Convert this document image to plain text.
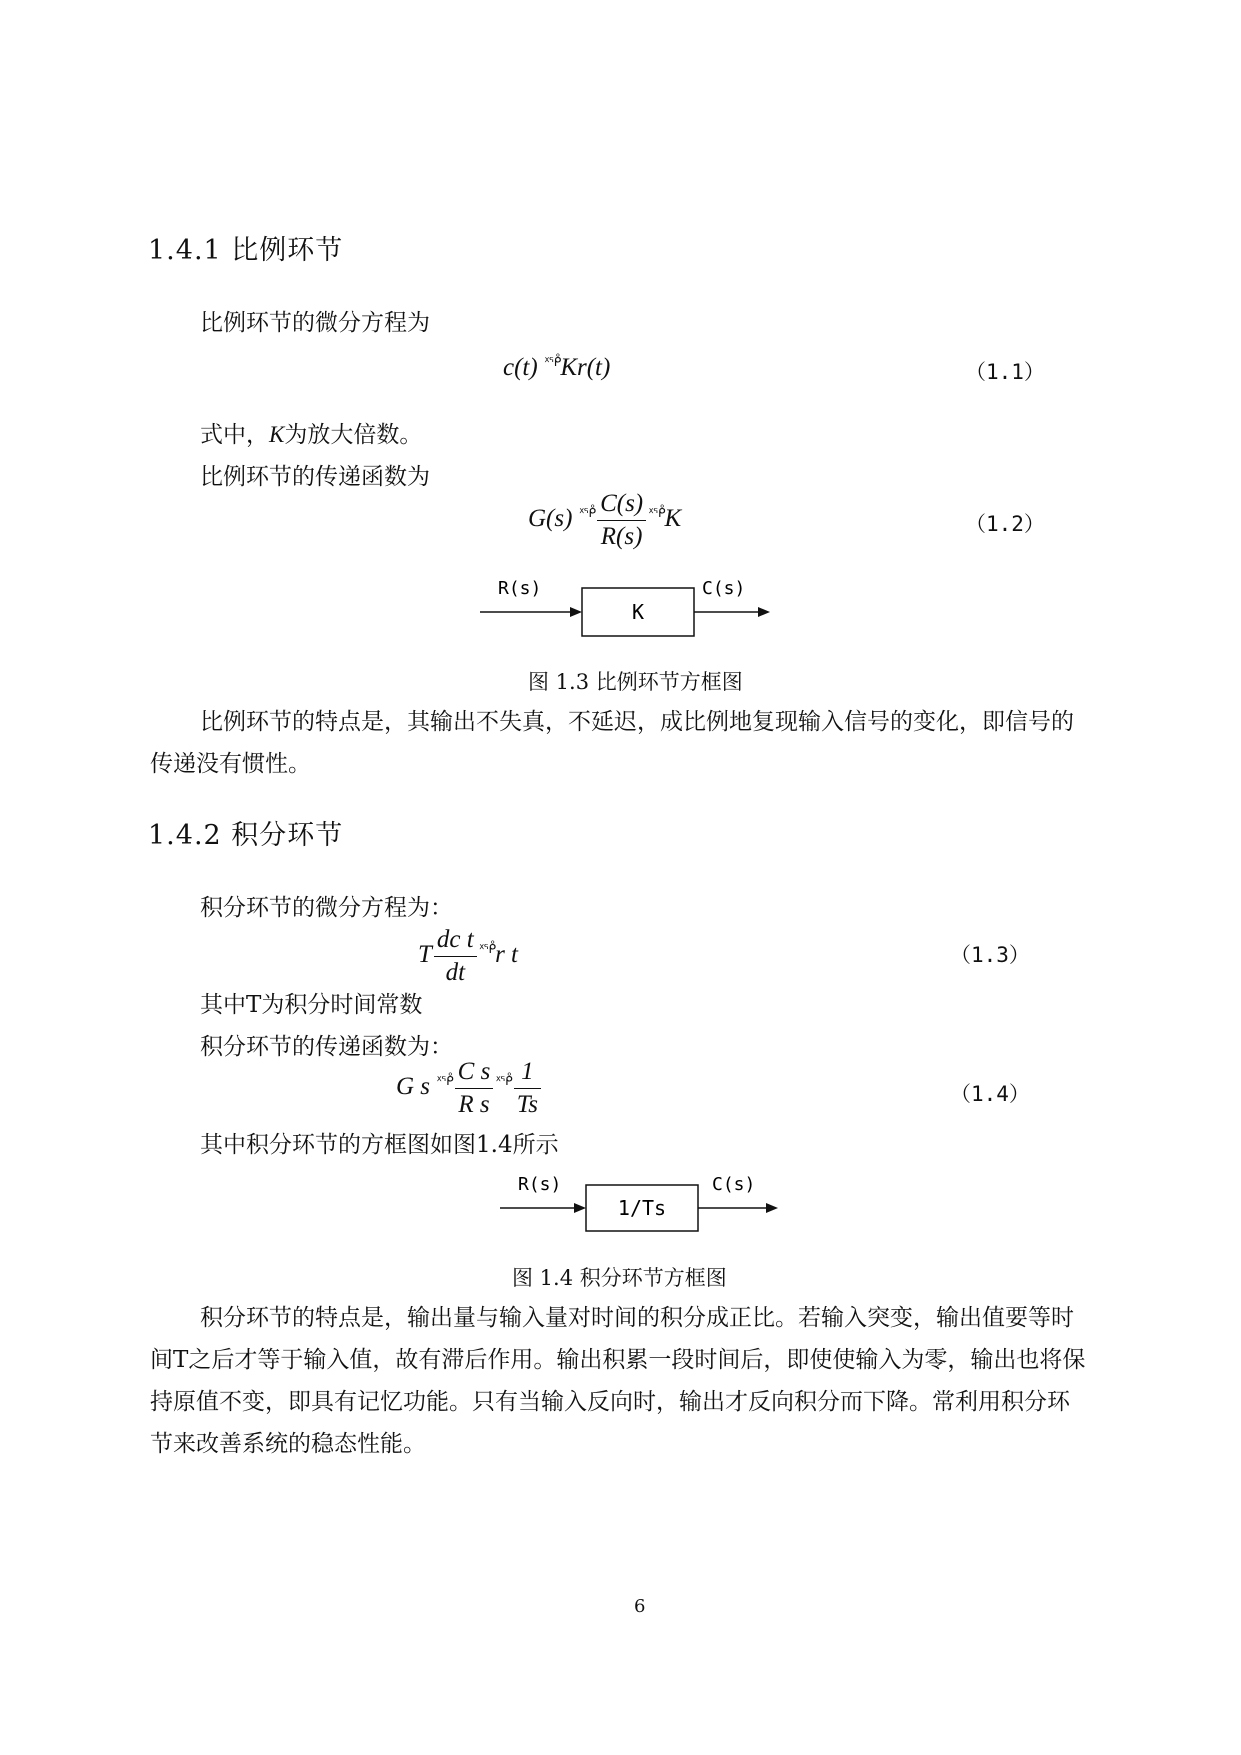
1.4.1 比例环节
比例环节的微分方程为
c(t) $^{ᕽᕾ}$Kr(t)	（1.1）
式中，K为放大倍数。
比例环节的传递函数为
G(s) $^{ᕽᕾ} \frac{C(s)}{R(s)} ^{ᕽᕾ}K$	（1.2）
R(s)
K
C(s)
图 1.3 比例环节方框图
比例环节的特点是，其输出不失真，不延迟，成比例地复现输入信号的变化，即信号的传递没有惯性。
1.4.2 积分环节
积分环节的微分方程为：
T $\frac{\text{dc t}}{dt} ^{ᕽᕾ}r$ t	（1.3）
其中T为积分时间常数
积分环节的传递函数为：
G s $^{ᕽᕾ} \frac{\text{C s}}{\text{R s}} ^{ᕽᕾ} \frac{1}{Ts}$	（1.4）
其中积分环节的方框图如图1.4所示
R(s)
1/Ts
C(s)
图 1.4 积分环节方框图
积分环节的特点是，输出量与输入量对时间的积分成正比。若输入突变，输出值要等时间T之后才等于输入值，故有滞后作用。输出积累一段时间后，即使使输入为零，输出也将保持原值不变，即具有记忆功能。只有当输入反向时，输出才反向积分而下降。常利用积分环节来改善系统的稳态性能。
6
